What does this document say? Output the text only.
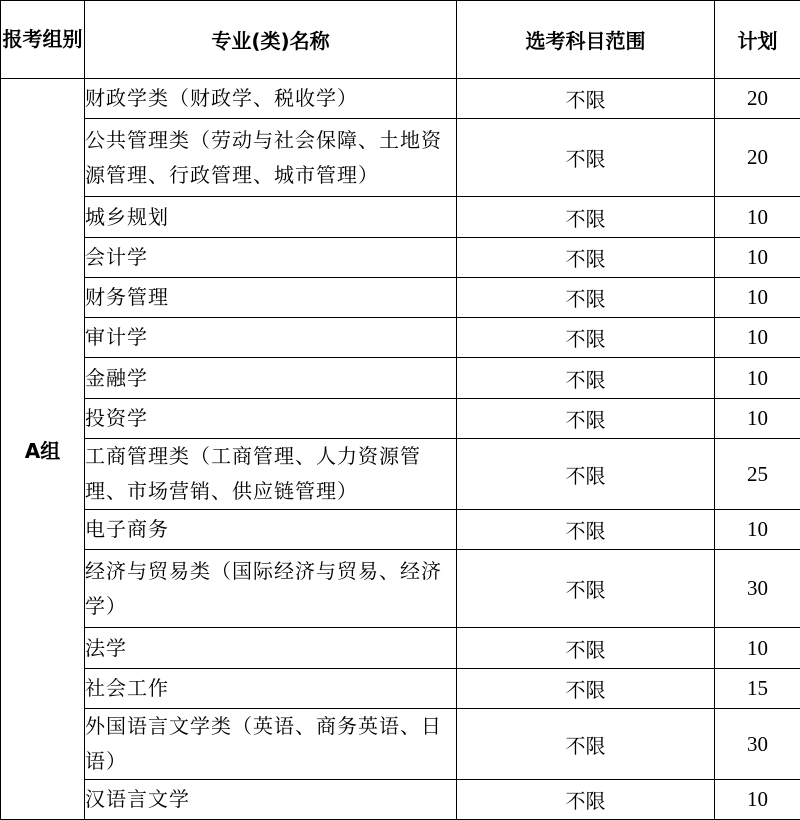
报考组别	专业(类)名称	选考科目范围	计划
A组	财政学类（财政学、税收学）	不限	20
	公共管理类（劳动与社会保障、土地资源管理、行政管理、城市管理）	不限	20
	城乡规划	不限	10
	会计学	不限	10
	财务管理	不限	10
	审计学	不限	10
	金融学	不限	10
	投资学	不限	10
	工商管理类（工商管理、人力资源管理、市场营销、供应链管理）	不限	25
	电子商务	不限	10
	经济与贸易类（国际经济与贸易、经济学）	不限	30
	法学	不限	10
	社会工作	不限	15
	外国语言文学类（英语、商务英语、日语）	不限	30
	汉语言文学	不限	10
